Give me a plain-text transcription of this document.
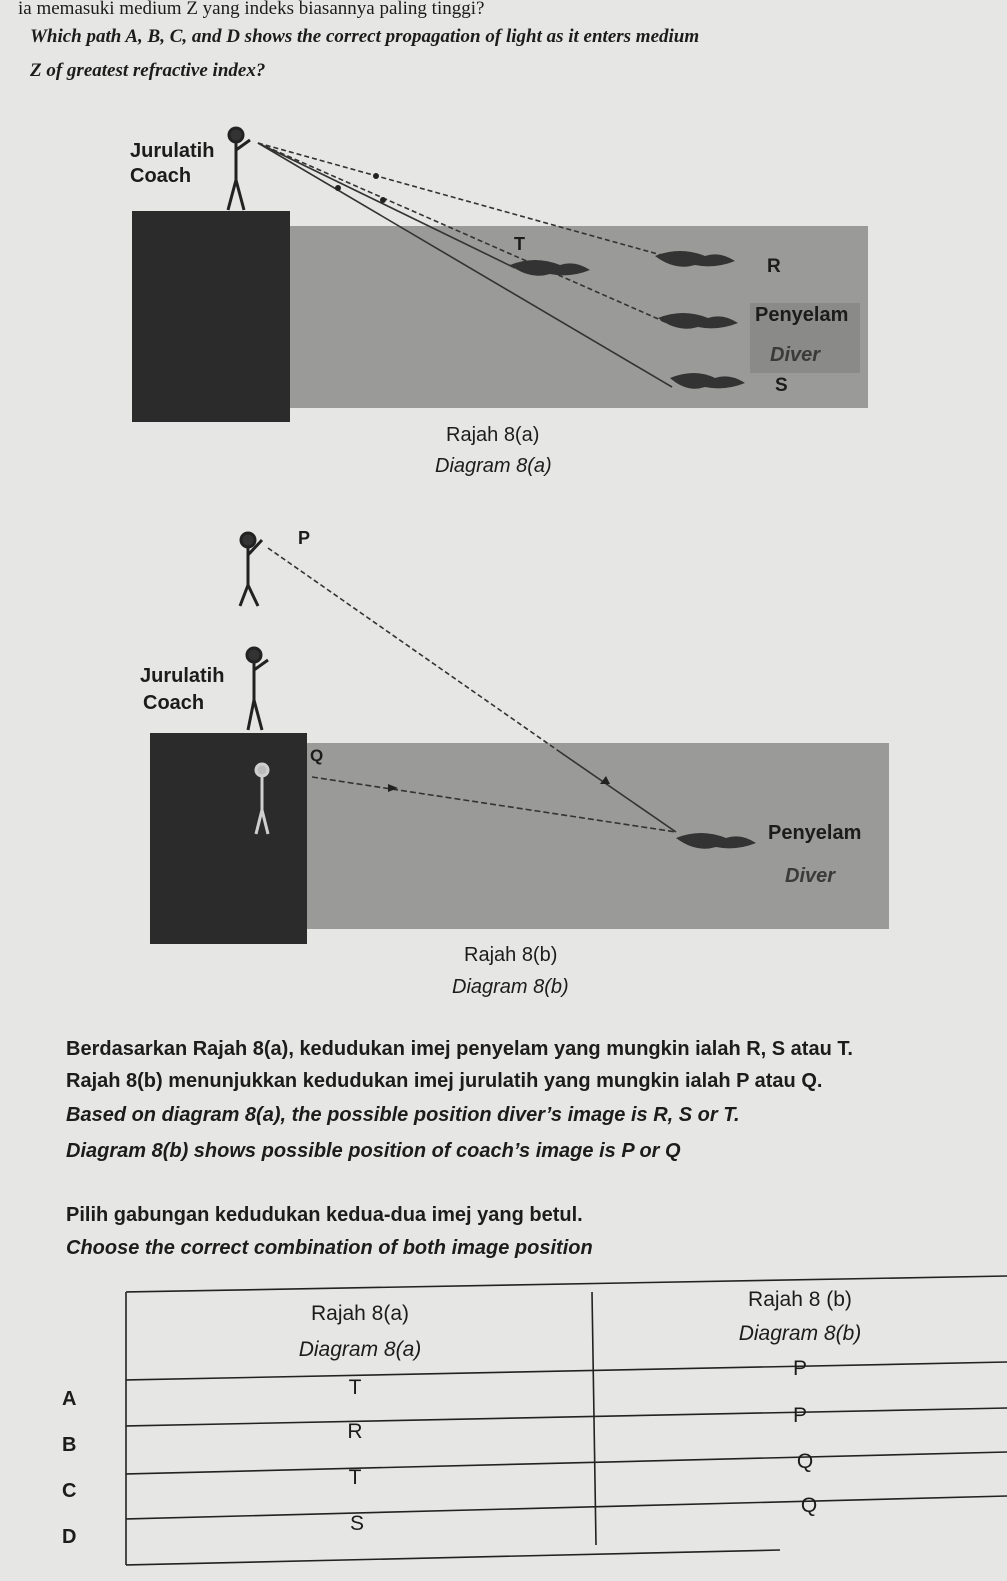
ia memasuki medium Z yang indeks biasannya paling tinggi?
Which path A, B, C, and D shows the correct propagation of light as it enters medium
Z of greatest refractive index?
Jurulatih
Coach
T
R
Penyelam
Diver
S
Rajah 8(a)
Diagram 8(a)
P
Jurulatih
Coach
Q
Penyelam
Diver
Rajah 8(b)
Diagram 8(b)
Berdasarkan Rajah 8(a), kedudukan imej penyelam yang mungkin ialah R, S atau T.
Rajah 8(b) menunjukkan kedudukan imej jurulatih yang mungkin ialah P atau Q.
Based on diagram 8(a), the possible position diver’s image is R, S or T.
Diagram 8(b) shows possible position of coach’s image is P or Q
Pilih gabungan kedudukan kedua-dua imej yang betul.
Choose the correct combination of both image position
Rajah 8(a)
Diagram 8(a)
Rajah 8 (b)
Diagram 8(b)
A	T
P
B
R
P
C
T
Q
D
S
Q
